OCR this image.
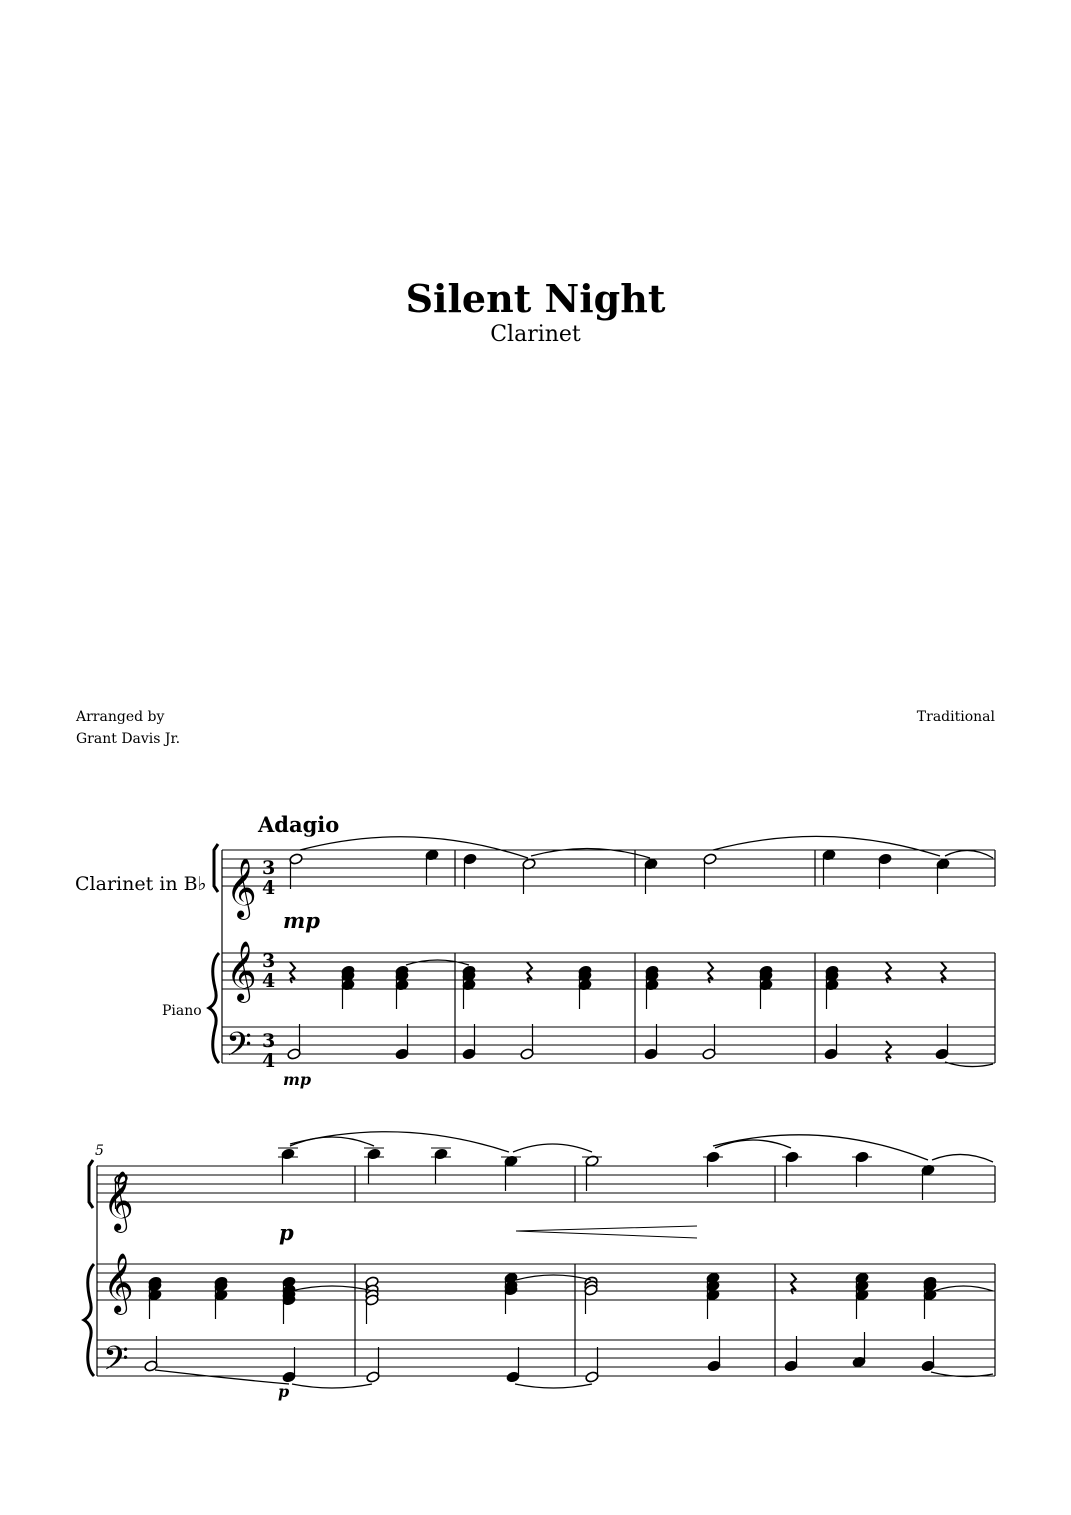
Silent Night
Clarinet
Arranged by
Grant Davis Jr.
Traditional
Adagio
Clarinet in B♭
Piano
𝄞
𝄞
𝄢
𝄞
𝄞
𝄢
3
4
3
4
3
4
mp
mp
p
p
5
